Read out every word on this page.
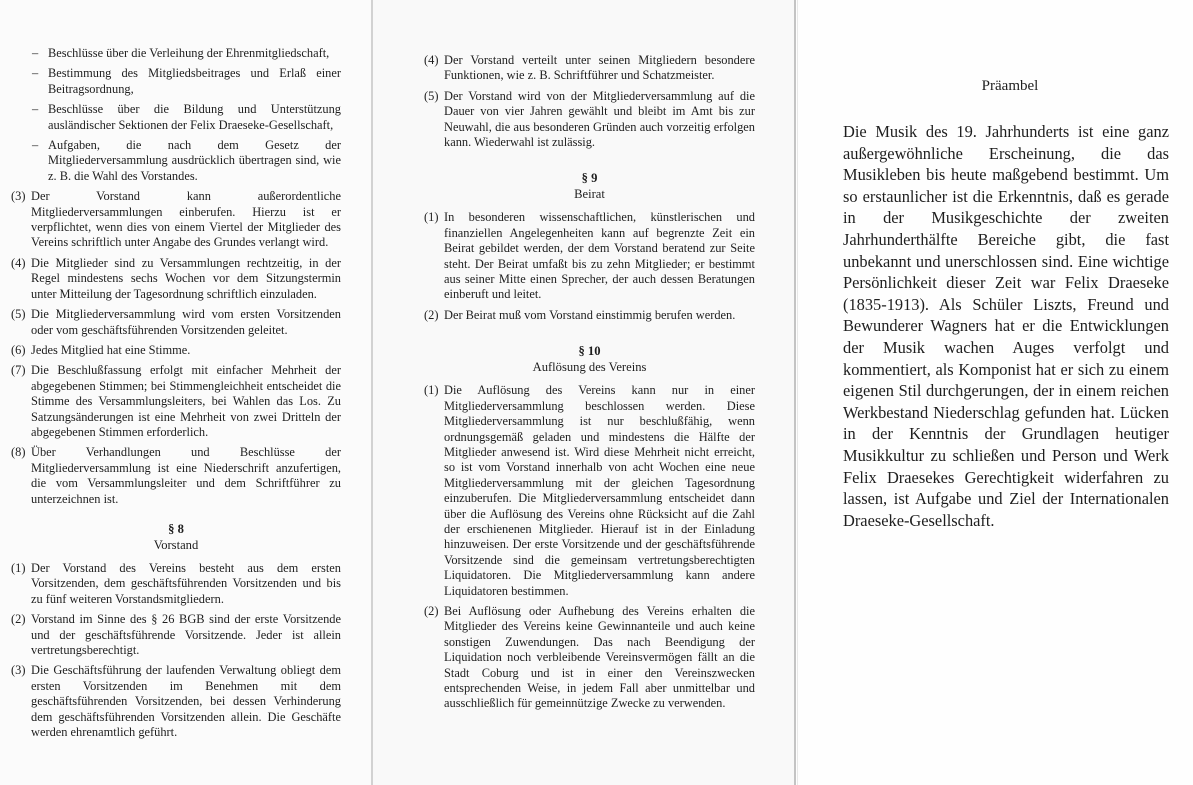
– Beschlüsse über die Verleihung der Ehrenmitgliedschaft,

– Bestimmung des Mitgliedsbeitrages und Erlaß einer Beitragsordnung,

– Beschlüsse über die Bildung und Unterstützung ausländischer Sektionen der Felix Draeseke-Gesellschaft,

– Aufgaben, die nach dem Gesetz der Mitgliederversammlung ausdrücklich übertragen sind, wie z. B. die Wahl des Vorstandes.

(3) Der Vorstand kann außerordentliche Mitgliederversammlungen einberufen. Hierzu ist er verpflichtet, wenn dies von einem Viertel der Mitglieder des Vereins schriftlich unter Angabe des Grundes verlangt wird.

(4) Die Mitglieder sind zu Versammlungen rechtzeitig, in der Regel mindestens sechs Wochen vor dem Sitzungstermin unter Mitteilung der Tagesordnung schriftlich einzuladen.

(5) Die Mitgliederversammlung wird vom ersten Vorsitzenden oder vom geschäftsführenden Vorsitzenden geleitet.

(6) Jedes Mitglied hat eine Stimme.

(7) Die Beschlußfassung erfolgt mit einfacher Mehrheit der abgegebenen Stimmen; bei Stimmengleichheit entscheidet die Stimme des Versammlungsleiters, bei Wahlen das Los. Zu Satzungsänderungen ist eine Mehrheit von zwei Dritteln der abgegebenen Stimmen erforderlich.

(8) Über Verhandlungen und Beschlüsse der Mitgliederversammlung ist eine Niederschrift anzufertigen, die vom Versammlungsleiter und dem Schriftführer zu unterzeichnen ist.

§ 8
Vorstand

(1) Der Vorstand des Vereins besteht aus dem ersten Vorsitzenden, dem geschäftsführenden Vorsitzenden und bis zu fünf weiteren Vorstandsmitgliedern.

(2) Vorstand im Sinne des § 26 BGB sind der erste Vorsitzende und der geschäftsführende Vorsitzende. Jeder ist allein vertretungsberechtigt.

(3) Die Geschäftsführung der laufenden Verwaltung obliegt dem ersten Vorsitzenden im Benehmen mit dem geschäftsführenden Vorsitzenden, bei dessen Verhinderung dem geschäftsführenden Vorsitzenden allein. Die Geschäfte werden ehrenamtlich geführt.

(4) Der Vorstand verteilt unter seinen Mitgliedern besondere Funktionen, wie z. B. Schriftführer und Schatzmeister.

(5) Der Vorstand wird von der Mitgliederversammlung auf die Dauer von vier Jahren gewählt und bleibt im Amt bis zur Neuwahl, die aus besonderen Gründen auch vorzeitig erfolgen kann. Wiederwahl ist zulässig.

§ 9
Beirat

(1) In besonderen wissenschaftlichen, künstlerischen und finanziellen Angelegenheiten kann auf begrenzte Zeit ein Beirat gebildet werden, der dem Vorstand beratend zur Seite steht. Der Beirat umfaßt bis zu zehn Mitglieder; er bestimmt aus seiner Mitte einen Sprecher, der auch dessen Beratungen einberuft und leitet.

(2) Der Beirat muß vom Vorstand einstimmig berufen werden.

§ 10
Auflösung des Vereins

(1) Die Auflösung des Vereins kann nur in einer Mitgliederversammlung beschlossen werden. Diese Mitgliederversammlung ist nur beschlußfähig, wenn ordnungsgemäß geladen und mindestens die Hälfte der Mitglieder anwesend ist. Wird diese Mehrheit nicht erreicht, so ist vom Vorstand innerhalb von acht Wochen eine neue Mitgliederversammlung mit der gleichen Tagesordnung einzuberufen. Die Mitgliederversammlung entscheidet dann über die Auflösung des Vereins ohne Rücksicht auf die Zahl der erschienenen Mitglieder. Hierauf ist in der Einladung hinzuweisen. Der erste Vorsitzende und der geschäftsführende Vorsitzende sind die gemeinsam vertretungsberechtigten Liquidatoren. Die Mitgliederversammlung kann andere Liquidatoren bestimmen.

(2) Bei Auflösung oder Aufhebung des Vereins erhalten die Mitglieder des Vereins keine Gewinnanteile und auch keine sonstigen Zuwendungen. Das nach Beendigung der Liquidation noch verbleibende Vereinsvermögen fällt an die Stadt Coburg und ist in einer den Vereinszwecken entsprechenden Weise, in jedem Fall aber unmittelbar und ausschließlich für gemeinnützige Zwecke zu verwenden.

Präambel

Die Musik des 19. Jahrhunderts ist eine ganz außergewöhnliche Erscheinung, die das Musikleben bis heute maßgebend bestimmt. Um so erstaunlicher ist die Erkenntnis, daß es gerade in der Musikgeschichte der zweiten Jahrhunderthälfte Bereiche gibt, die fast unbekannt und unerschlossen sind. Eine wichtige Persönlichkeit dieser Zeit war Felix Draeseke (1835-1913). Als Schüler Liszts, Freund und Bewunderer Wagners hat er die Entwicklungen der Musik wachen Auges verfolgt und kommentiert, als Komponist hat er sich zu einem eigenen Stil durchgerungen, der in einem reichen Werkbestand Niederschlag gefunden hat. Lücken in der Kenntnis der Grundlagen heutiger Musikkultur zu schließen und Person und Werk Felix Draesekes Gerechtigkeit widerfahren zu lassen, ist Aufgabe und Ziel der Internationalen Draeseke-Gesellschaft.
